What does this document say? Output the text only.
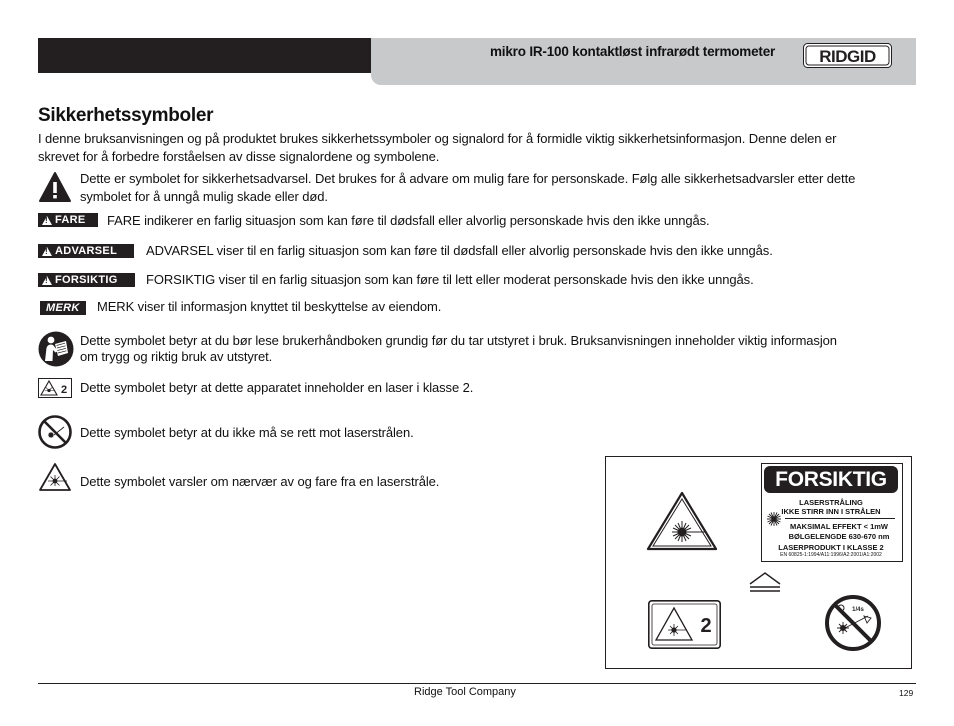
mikro IR-100 kontaktløst infrarødt termometer	RIDGID
Sikkerhetssymboler
I denne bruksanvisningen og på produktet brukes sikkerhetssymboler og signalord for å formidle viktig sikkerhetsinformasjon. Denne delen er
skrevet for å forbedre forståelsen av disse signalordene og symbolene.
Dette er symbolet for sikkerhetsadvarsel. Det brukes for å advare om mulig fare for personskade. Følg alle sikkerhetsadvarsler etter dette
symbolet for å unngå mulig skade eller død.
!
FARE FARE indikerer en farlig situasjon som kan føre til dødsfall eller alvorlig personskade hvis den ikke unngås.
!
ADVARSEL ADVARSEL viser til en farlig situasjon som kan føre til dødsfall eller alvorlig personskade hvis den ikke unngås.
!
FORSIKTIG FORSIKTIG viser til en farlig situasjon som kan føre til lett eller moderat personskade hvis den ikke unngås.
MERK	MERK viser til informasjon knyttet til beskyttelse av eiendom.
Dette symbolet betyr at du bør lese brukerhåndboken grundig før du tar utstyret i bruk. Bruksanvisningen inneholder viktig informasjon
om trygg og riktig bruk av utstyret.
2 Dette symbolet betyr at dette apparatet inneholder en laser i klasse 2.
Dette symbolet betyr at du ikke må se rett mot laserstrålen.
Dette symbolet varsler om nærvær av og fare fra en laserstråle.	FORSIKTIG
LASERSTRÅLING
IKKE STIRR INN I STRÅLEN
MAKSIMAL EFFEKT < 1mW
BØLGELENGDE 630-670 nm
LASERPRODUKT I KLASSE 2
EN 60825-1:1994/A11:1996/A2:2001/A1:2002
2
1/4s
Ridge Tool Company	129
